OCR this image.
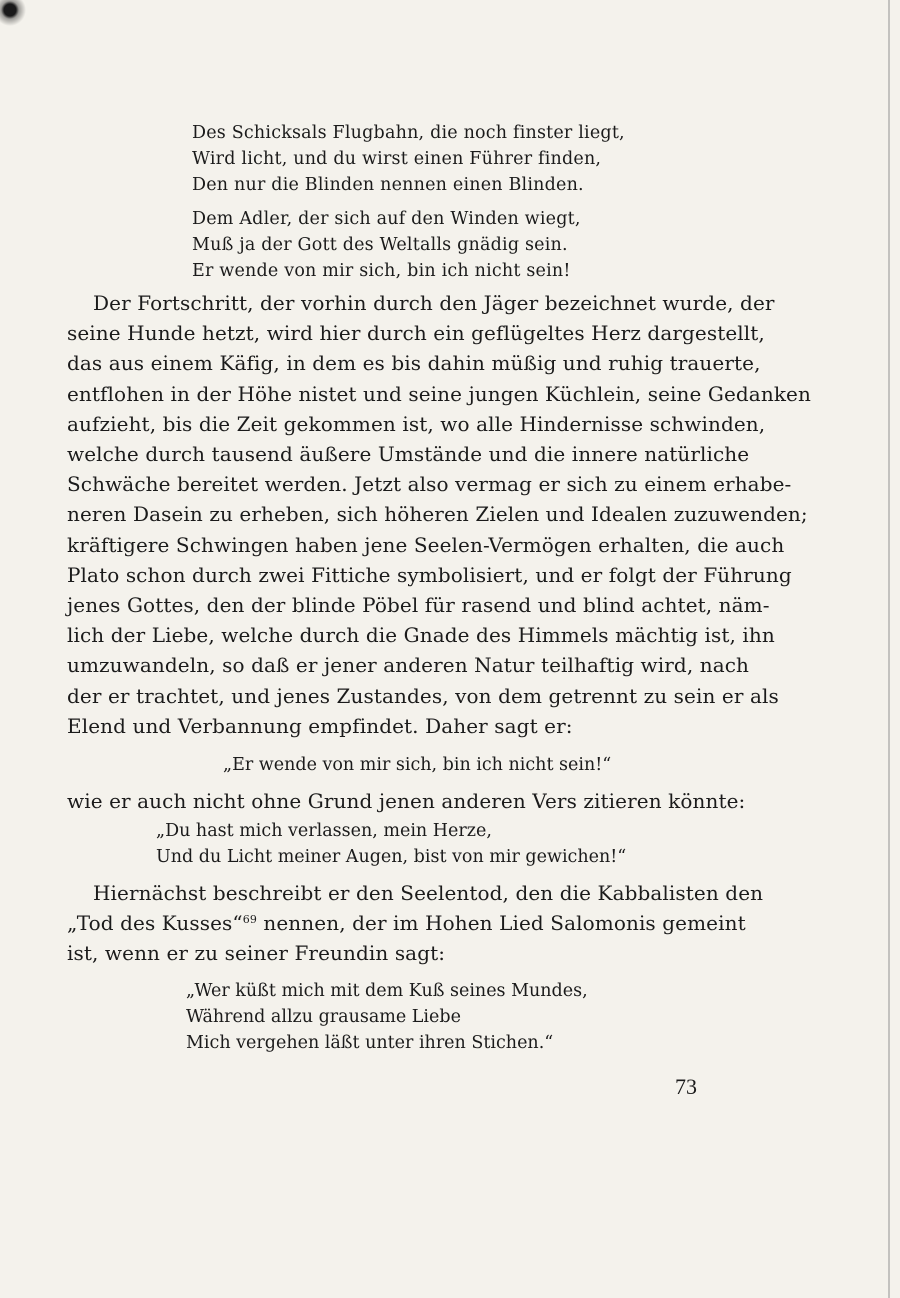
Des Schicksals Flugbahn, die noch finster liegt,
Wird licht, und du wirst einen Führer finden,
Den nur die Blinden nennen einen Blinden.
Dem Adler, der sich auf den Winden wiegt,
Muß ja der Gott des Weltalls gnädig sein.
Er wende von mir sich, bin ich nicht sein!
Der Fortschritt, der vorhin durch den Jäger bezeichnet wurde, der
seine Hunde hetzt, wird hier durch ein geflügeltes Herz dargestellt,
das aus einem Käfig, in dem es bis dahin müßig und ruhig trauerte,
entflohen in der Höhe nistet und seine jungen Küchlein, seine Gedanken
aufzieht, bis die Zeit gekommen ist, wo alle Hindernisse schwinden,
welche durch tausend äußere Umstände und die innere natürliche
Schwäche bereitet werden. Jetzt also vermag er sich zu einem erhabe-
neren Dasein zu erheben, sich höheren Zielen und Idealen zuzuwenden;
kräftigere Schwingen haben jene Seelen-Vermögen erhalten, die auch
Plato schon durch zwei Fittiche symbolisiert, und er folgt der Führung
jenes Gottes, den der blinde Pöbel für rasend und blind achtet, näm-
lich der Liebe, welche durch die Gnade des Himmels mächtig ist, ihn
umzuwandeln, so daß er jener anderen Natur teilhaftig wird, nach
der er trachtet, und jenes Zustandes, von dem getrennt zu sein er als
Elend und Verbannung empfindet. Daher sagt er:
„Er wende von mir sich, bin ich nicht sein!“
wie er auch nicht ohne Grund jenen anderen Vers zitieren könnte:
„Du hast mich verlassen, mein Herze,
Und du Licht meiner Augen, bist von mir gewichen!“
Hiernächst beschreibt er den Seelentod, den die Kabbalisten den
„Tod des Kusses“$^{69}$ nennen, der im Hohen Lied Salomonis gemeint
ist, wenn er zu seiner Freundin sagt:
„Wer küßt mich mit dem Kuß seines Mundes,
Während allzu grausame Liebe
Mich vergehen läßt unter ihren Stichen.“
73
